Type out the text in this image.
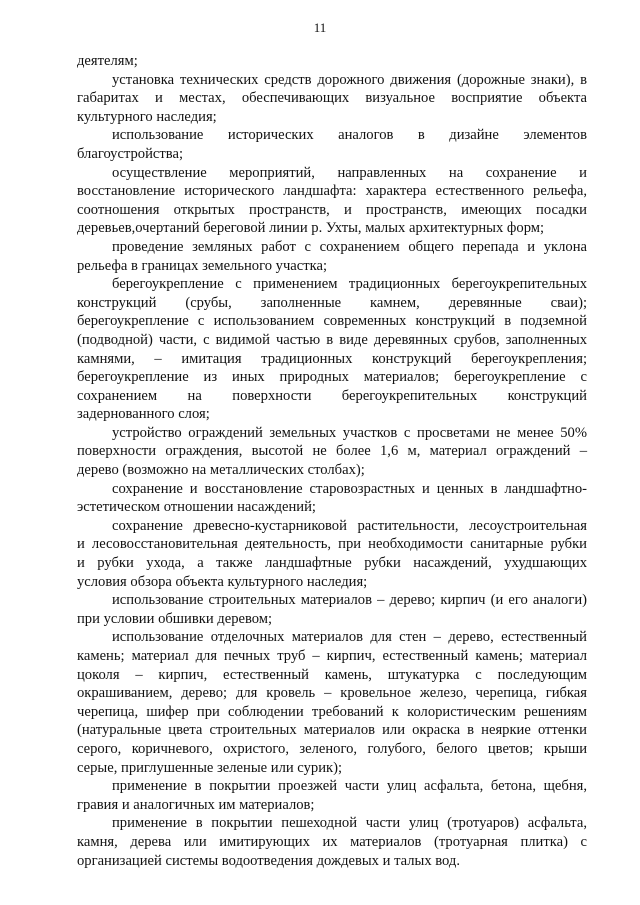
11
деятелям;
установка технических средств дорожного движения (дорожные знаки), в
габаритах и местах, обеспечивающих визуальное восприятие объекта
культурного наследия;
использование исторических аналогов в дизайне элементов
благоустройства;
осуществление мероприятий, направленных на сохранение и
восстановление исторического ландшафта: характера естественного рельефа,
соотношения открытых пространств, и пространств, имеющих посадки
деревьев,очертаний береговой линии р. Ухты, малых архитектурных форм;
проведение земляных работ с сохранением общего перепада и уклона
рельефа в границах земельного участка;
берегоукрепление с применением традиционных берегоукрепительных
конструкций (срубы, заполненные камнем, деревянные сваи);
берегоукрепление с использованием современных конструкций в подземной
(подводной) части, с видимой частью в виде деревянных срубов, заполненных
камнями, – имитация традиционных конструкций берегоукрепления;
берегоукрепление из иных природных материалов; берегоукрепление с
сохранением на поверхности берегоукрепительных конструкций
задернованного слоя;
устройство ограждений земельных участков с просветами не менее 50%
поверхности ограждения, высотой не более 1,6 м, материал ограждений –
дерево (возможно на металлических столбах);
сохранение и восстановление старовозрастных и ценных в ландшафтно-
эстетическом отношении насаждений;
сохранение древесно-кустарниковой растительности, лесоустроительная
и лесовосстановительная деятельность, при необходимости санитарные рубки
и рубки ухода, а также ландшафтные рубки насаждений, ухудшающих
условия обзора объекта культурного наследия;
использование строительных материалов – дерево; кирпич (и его аналоги)
при условии обшивки деревом;
использование отделочных материалов для стен – дерево, естественный
камень; материал для печных труб – кирпич, естественный камень; материал
цоколя – кирпич, естественный камень, штукатурка с последующим
окрашиванием, дерево; для кровель – кровельное железо, черепица, гибкая
черепица, шифер при соблюдении требований к колористическим решениям
(натуральные цвета строительных материалов или окраска в неяркие оттенки
серого, коричневого, охристого, зеленого, голубого, белого цветов; крыши
серые, приглушенные зеленые или сурик);
применение в покрытии проезжей части улиц асфальта, бетона, щебня,
гравия и аналогичных им материалов;
применение в покрытии пешеходной части улиц (тротуаров) асфальта,
камня, дерева или имитирующих их материалов (тротуарная плитка) с
организацией системы водоотведения дождевых и талых вод.
